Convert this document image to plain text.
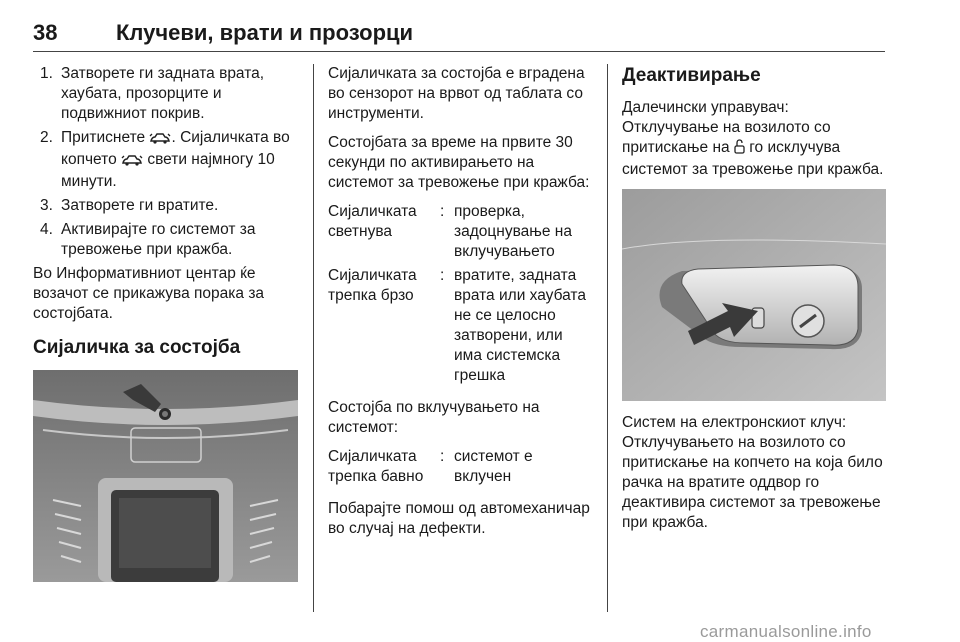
38	Клучеви, врати и прозорци
1. Затворете ги задната врата, хаубата, прозорците и подвижниот покрив.
2. Притиснете . Сијаличката во копчето  свети најмногу 10 минути.
3. Затворете ги вратите.
4. Активирајте го системот за тревожење при кражба.

Во Информативниот центар ќе возачот се прикажува порака за состојбата.

Сијаличка за состојба

Сијаличката за состојба е вградена во сензорот на врвот од таблата со инструменти.

Состојбата за време на првите 30 секунди по активирањето на системот за тревожење при кражба:

Сијаличката светнува
: проверка, задоцнување на вклучувањето
Сијаличката трепка брзо
: вратите, задната врата или хаубата не се целосно затворени, или има системска грешка

Состојба по вклучувањето на системот:

Сијаличката трепка бавно
: системот е вклучен

Побарајте помош од автомеханичар во случај на дефекти.

Деактивирање

Далечински управувач: Отклучување на возилото со притискање на  го исклучува системот за тревожење при кражба.

Систем на електронскиот клуч: Отклучувањето на возилото со притискање на копчето на која било рачка на вратите оддвор го деактивира системот за тревожење при кражба.

carmanualsonline.info
